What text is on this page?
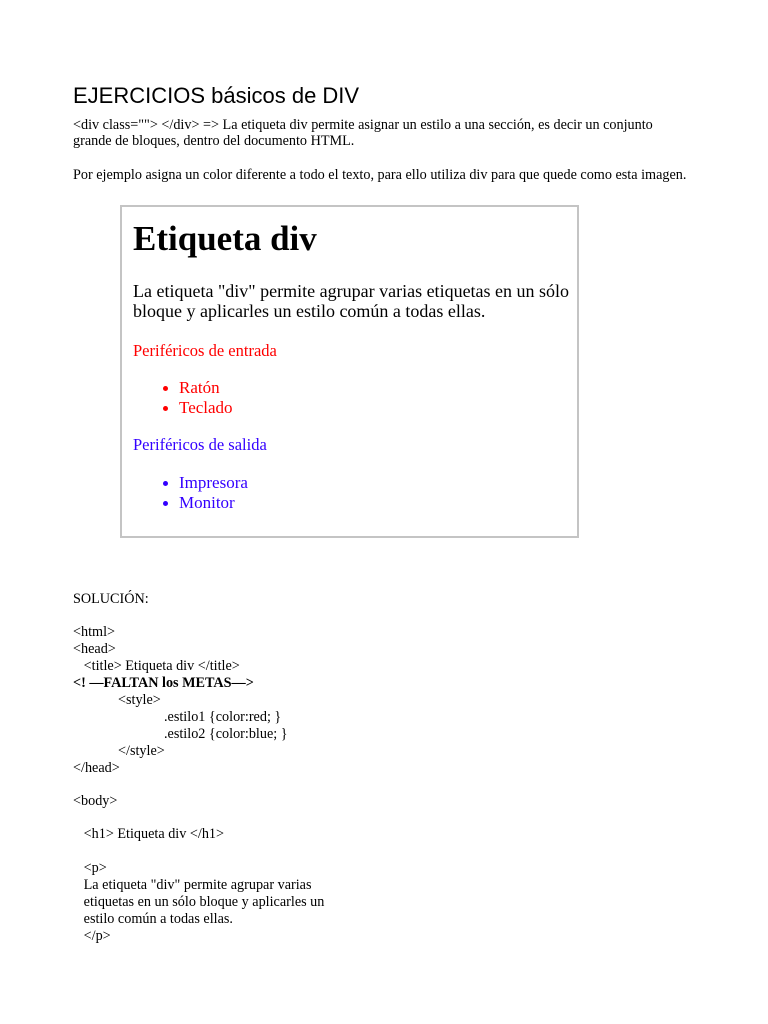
EJERCICIOS básicos de DIV

<div class=""> </div> => La etiqueta div permite asignar un estilo a una sección, es decir un conjunto grande de bloques, dentro del documento HTML.

Por ejemplo asigna un color diferente a todo el texto, para ello utiliza div para que quede como esta imagen.

Etiqueta div

La etiqueta "div" permite agrupar varias etiquetas en un sólo bloque y aplicarles un estilo común a todas ellas.

Periféricos de entrada

Ratón
Teclado

Periféricos de salida

Impresora
Monitor

SOLUCIÓN:

<html>

<head>

<title> Etiqueta div </title>

<! —FALTAN los METAS—>

<style>

.estilo1 {color:red; }

.estilo2 {color:blue; }

</style>

</head>

<body>

<h1> Etiqueta div </h1>

<p>

La etiqueta "div" permite agrupar varias

etiquetas en un sólo bloque y aplicarles un

estilo común a todas ellas.

</p>
